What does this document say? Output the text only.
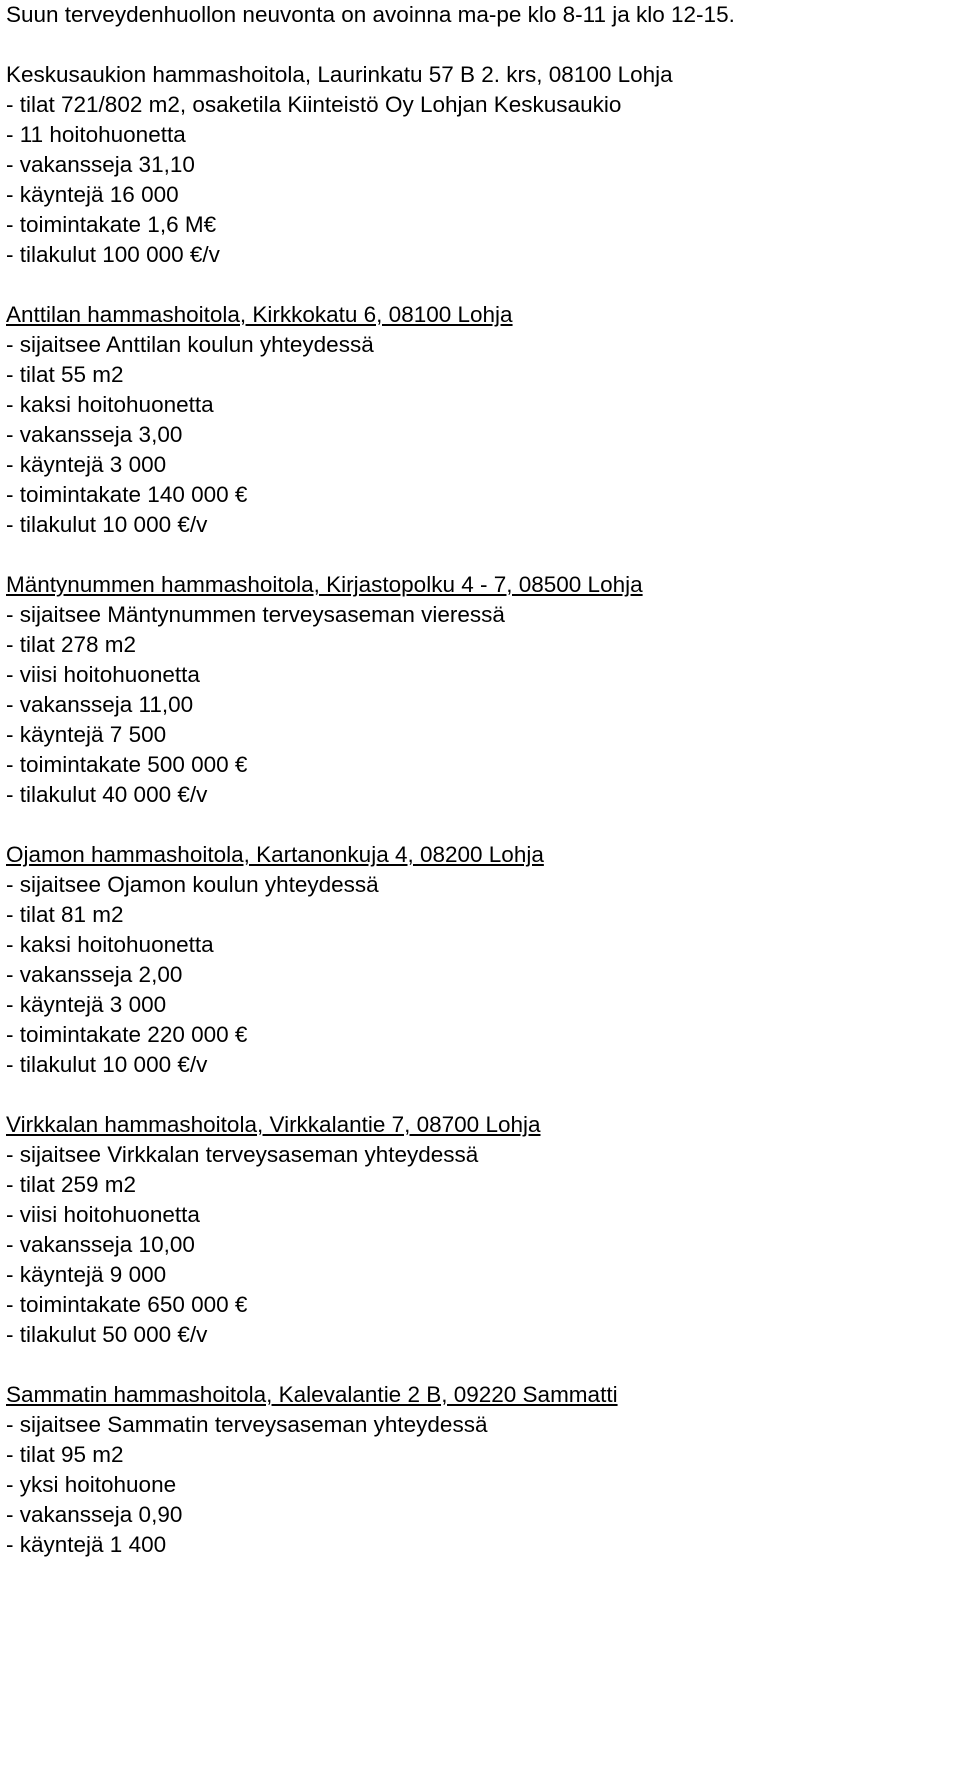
Suun terveydenhuollon neuvonta on avoinna ma-pe klo 8-11 ja klo 12-15.
Keskusaukion hammashoitola, Laurinkatu 57 B 2. krs, 08100 Lohja
- tilat 721/802 m2, osaketila Kiinteistö Oy Lohjan Keskusaukio
- 11 hoitohuonetta
- vakansseja 31,10
- käyntejä 16 000
- toimintakate 1,6 M€
- tilakulut 100 000 €/v
Anttilan hammashoitola, Kirkkokatu 6, 08100 Lohja
- sijaitsee Anttilan koulun yhteydessä
- tilat 55 m2
- kaksi hoitohuonetta
- vakansseja 3,00
- käyntejä 3 000
- toimintakate 140 000 €
- tilakulut 10 000 €/v
Mäntynummen hammashoitola, Kirjastopolku 4 - 7, 08500 Lohja
- sijaitsee Mäntynummen terveysaseman vieressä
- tilat 278 m2
- viisi hoitohuonetta
- vakansseja 11,00
- käyntejä 7 500
- toimintakate 500 000 €
- tilakulut 40 000 €/v
Ojamon hammashoitola, Kartanonkuja 4, 08200 Lohja
- sijaitsee Ojamon koulun yhteydessä
- tilat 81 m2
- kaksi hoitohuonetta
- vakansseja 2,00
- käyntejä 3 000
- toimintakate 220 000 €
- tilakulut 10 000 €/v
Virkkalan hammashoitola, Virkkalantie 7, 08700 Lohja
- sijaitsee Virkkalan terveysaseman yhteydessä
- tilat 259 m2
- viisi hoitohuonetta
- vakansseja 10,00
- käyntejä 9 000
- toimintakate 650 000 €
- tilakulut 50 000 €/v
Sammatin hammashoitola, Kalevalantie 2 B, 09220 Sammatti
- sijaitsee Sammatin terveysaseman yhteydessä
- tilat 95 m2
- yksi hoitohuone
- vakansseja 0,90
- käyntejä 1 400
